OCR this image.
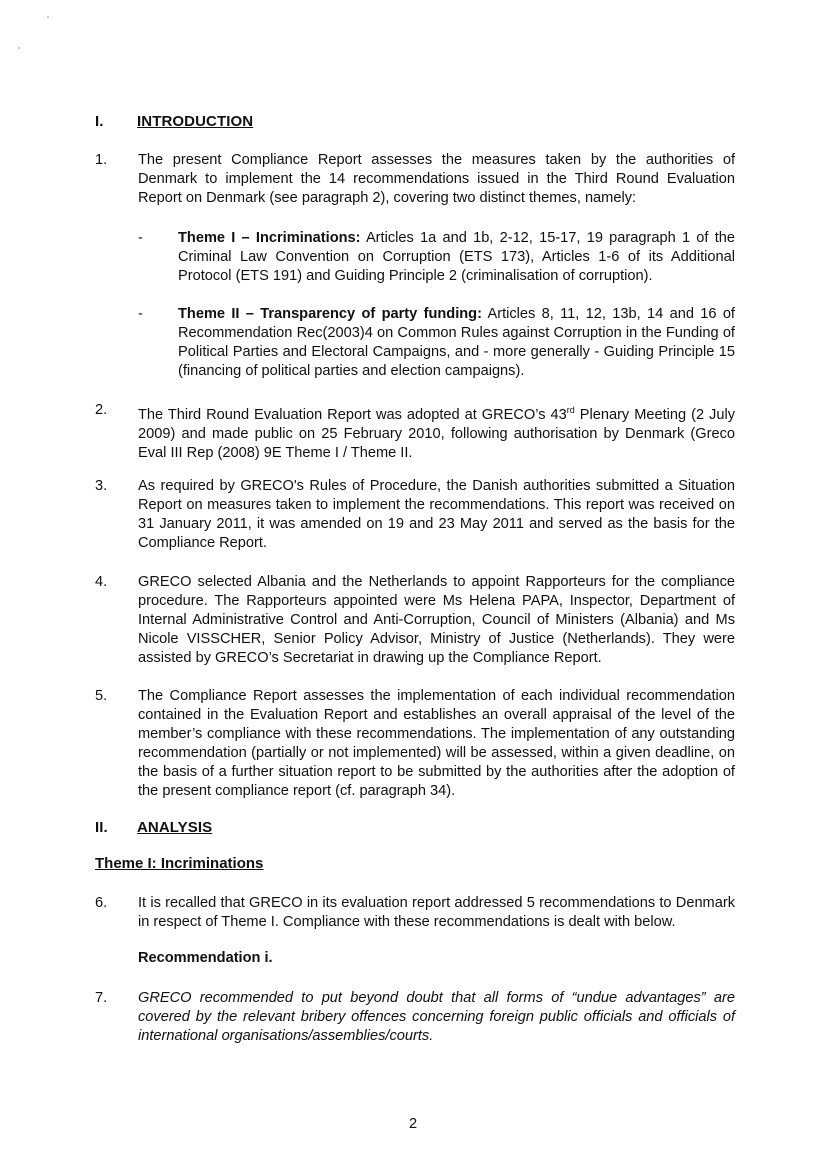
I. INTRODUCTION
1. The present Compliance Report assesses the measures taken by the authorities of Denmark to implement the 14 recommendations issued in the Third Round Evaluation Report on Denmark (see paragraph 2), covering two distinct themes, namely:
- Theme I – Incriminations: Articles 1a and 1b, 2-12, 15-17, 19 paragraph 1 of the Criminal Law Convention on Corruption (ETS 173), Articles 1-6 of its Additional Protocol (ETS 191) and Guiding Principle 2 (criminalisation of corruption).
- Theme II – Transparency of party funding: Articles 8, 11, 12, 13b, 14 and 16 of Recommendation Rec(2003)4 on Common Rules against Corruption in the Funding of Political Parties and Electoral Campaigns, and - more generally - Guiding Principle 15 (financing of political parties and election campaigns).
2. The Third Round Evaluation Report was adopted at GRECO’s 43rd Plenary Meeting (2 July 2009) and made public on 25 February 2010, following authorisation by Denmark (Greco Eval III Rep (2008) 9E Theme I / Theme II.
3. As required by GRECO's Rules of Procedure, the Danish authorities submitted a Situation Report on measures taken to implement the recommendations. This report was received on 31 January 2011, it was amended on 19 and 23 May 2011 and served as the basis for the Compliance Report.
4. GRECO selected Albania and the Netherlands to appoint Rapporteurs for the compliance procedure. The Rapporteurs appointed were Ms Helena PAPA, Inspector, Department of Internal Administrative Control and Anti-Corruption, Council of Ministers (Albania) and Ms Nicole VISSCHER, Senior Policy Advisor, Ministry of Justice (Netherlands). They were assisted by GRECO’s Secretariat in drawing up the Compliance Report.
5. The Compliance Report assesses the implementation of each individual recommendation contained in the Evaluation Report and establishes an overall appraisal of the level of the member’s compliance with these recommendations. The implementation of any outstanding recommendation (partially or not implemented) will be assessed, within a given deadline, on the basis of a further situation report to be submitted by the authorities after the adoption of the present compliance report (cf. paragraph 34).
II. ANALYSIS
Theme I: Incriminations
6. It is recalled that GRECO in its evaluation report addressed 5 recommendations to Denmark in respect of Theme I. Compliance with these recommendations is dealt with below.
Recommendation i.
7. GRECO recommended to put beyond doubt that all forms of “undue advantages” are covered by the relevant bribery offences concerning foreign public officials and officials of international organisations/assemblies/courts.
2
